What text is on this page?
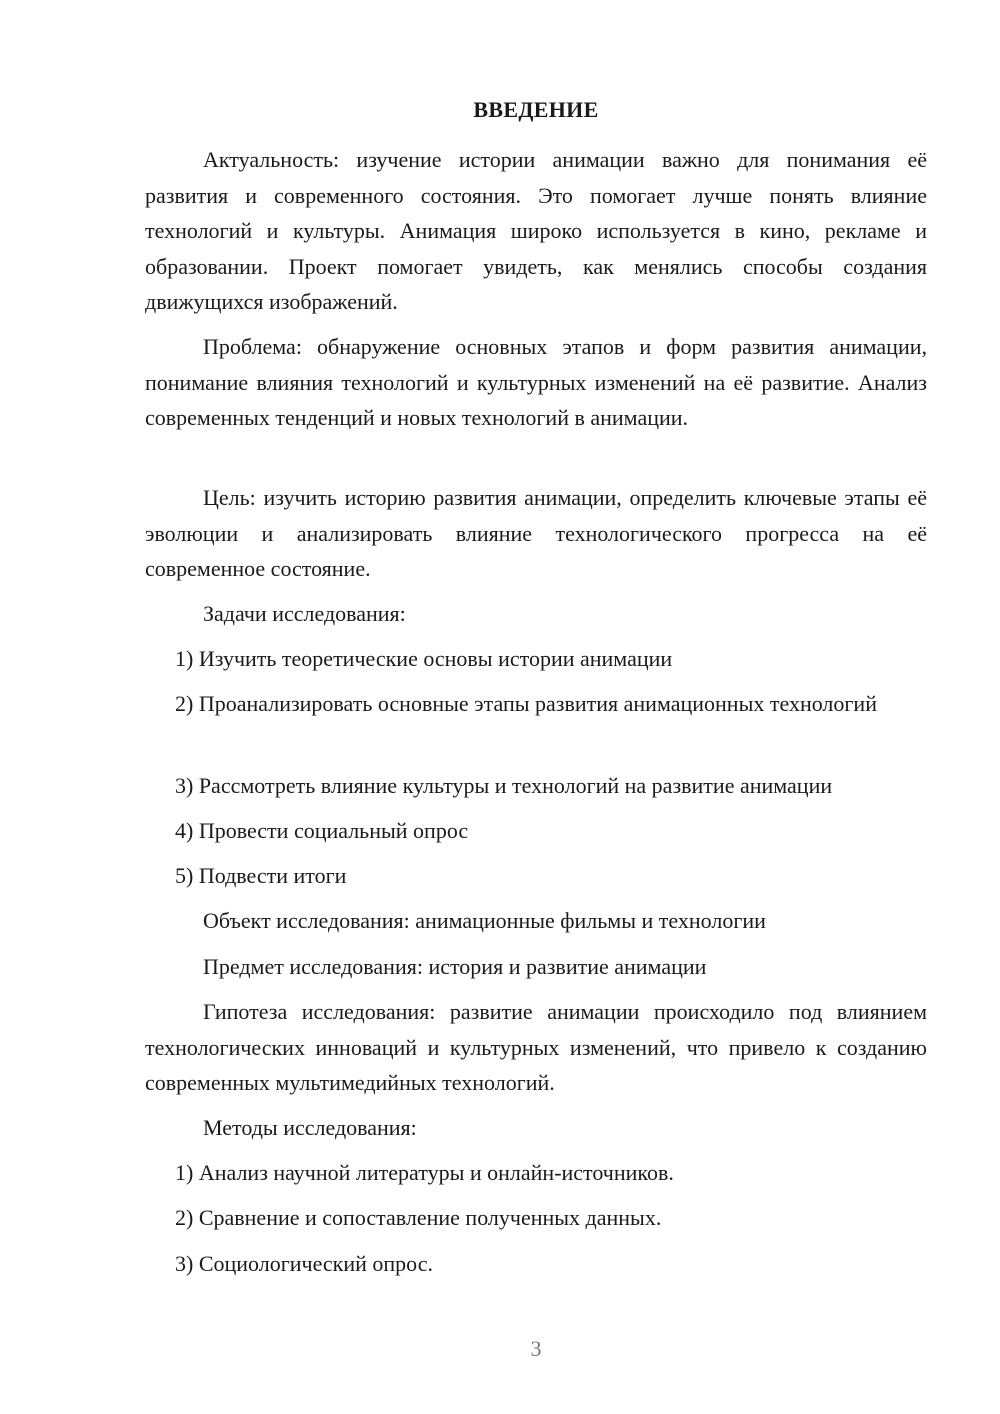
ВВЕДЕНИЕ

Актуальность: изучение истории анимации важно для понимания её развития и современного состояния. Это помогает лучше понять влияние технологий и культуры. Анимация широко используется в кино, рекламе и образовании. Проект помогает увидеть, как менялись способы создания движущихся изображений.

Проблема: обнаружение основных этапов и форм развития анимации, понимание влияния технологий и культурных изменений на её развитие. Анализ современных тенденций и новых технологий в анимации.

Цель: изучить историю развития анимации, определить ключевые этапы её эволюции и анализировать влияние технологического прогресса на её современное состояние.

Задачи исследования:

1) Изучить теоретические основы истории анимации

2) Проанализировать основные этапы развития анимационных технологий

3) Рассмотреть влияние культуры и технологий на развитие анимации

4) Провести социальный опрос

5) Подвести итоги

Объект исследования: анимационные фильмы и технологии

Предмет исследования: история и развитие анимации

Гипотеза исследования: развитие анимации происходило под влиянием технологических инноваций и культурных изменений, что привело к созданию современных мультимедийных технологий.

Методы исследования:

1) Анализ научной литературы и онлайн-источников.

2) Сравнение и сопоставление полученных данных.

3) Социологический опрос.

3
